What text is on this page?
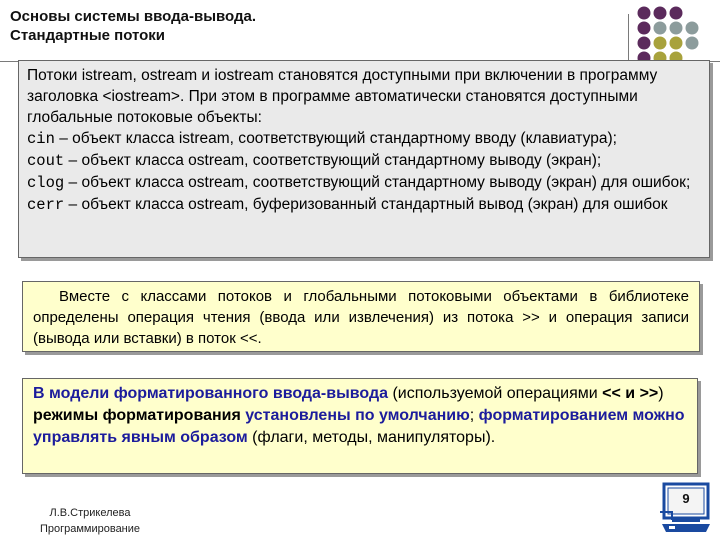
Основы системы ввода-вывода.
Стандартные потоки

Потоки istream, ostream и iostream становятся доступными при включении в программу заголовка <iostream>. При этом в программе автоматически становятся доступными глобальные потоковые объекты:

cin – объект класса istream, соответствующий стандартному вводу (клавиатура);

cout – объект класса ostream, соответствующий стандартному выводу (экран);

clog – объект класса ostream, соответствующий стандартному выводу (экран) для ошибок;

cerr – объект класса ostream, буферизованный стандартный вывод (экран) для ошибок

Вместе с классами потоков и глобальными потоковыми объектами в библиотеке определены операция чтения (ввода или извлечения) из потока >> и операция записи (вывода или вставки) в поток <<.

В модели форматированного ввода-вывода (используемой операциями << и >>) режимы форматирования установлены по умолчанию; форматированием можно управлять явным образом (флаги, методы, манипуляторы).

Л.В.Стрикелева
Программирование
9
